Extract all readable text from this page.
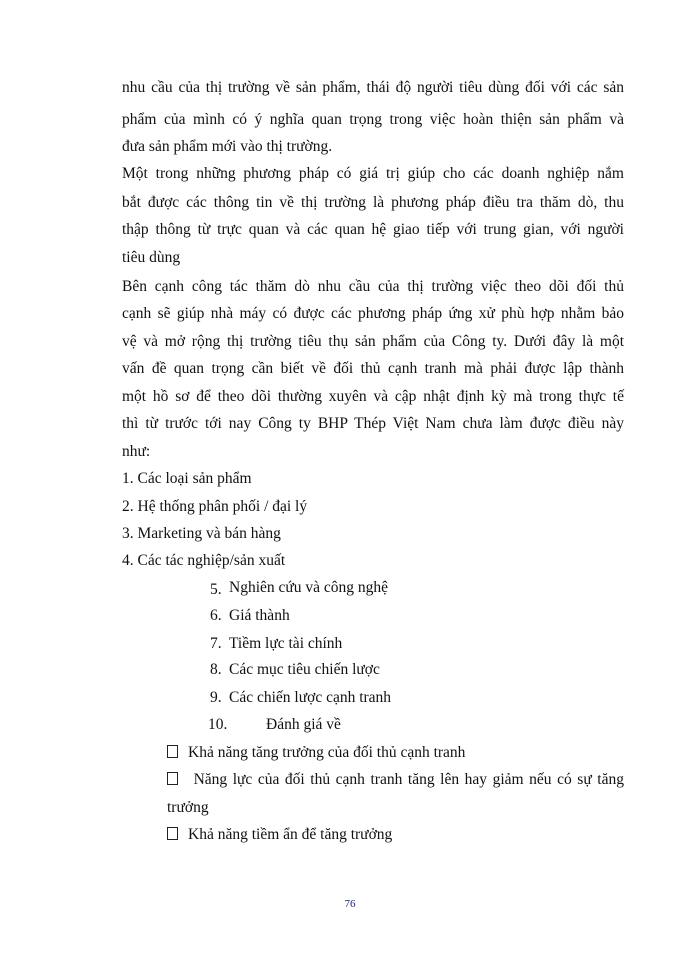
nhu cầu của thị trường về sản phẩm, thái độ người tiêu dùng đối với các sản
phẩm của mình có ý nghĩa quan trọng trong việc hoàn thiện sản phẩm và
đưa sản phẩm mới vào thị trường.
Một trong những phương pháp có giá trị giúp cho các doanh nghiệp nắm
bắt được các thông tin về thị trường là phương pháp điều tra thăm dò, thu
thập thông từ trực quan và các quan hệ giao tiếp với trung gian, với người
tiêu dùng
Bên cạnh công tác thăm dò nhu cầu của thị trường việc theo dõi đối thủ
cạnh sẽ giúp nhà máy có được các phương pháp ứng xử phù hợp nhằm bảo
vệ và mở rộng thị trường tiêu thụ sản phẩm của Công ty. Dưới đây là một
vấn đề quan trọng cần biết về đối thủ cạnh tranh mà phải được lập thành
một hồ sơ để theo dõi thường xuyên và cập nhật định kỳ mà trong thực tế
thì từ trước tới nay Công ty BHP Thép Việt Nam chưa làm được điều này
như:
1. Các loại sản phẩm
2. Hệ thống phân phối / đại lý
3. Marketing và bán hàng
4. Các tác nghiệp/sản xuất
5. Nghiên cứu và công nghệ
6. Giá thành
7. Tiềm lực tài chính
8. Các mục tiêu chiến lược
9. Các chiến lược cạnh tranh
10. Đánh giá về
Khả năng tăng trưởng của đối thủ cạnh tranh
Năng lực của đối thủ cạnh tranh tăng lên hay giảm nếu có sự tăng
trưởng
Khả năng tiềm ẩn để tăng trưởng
76
